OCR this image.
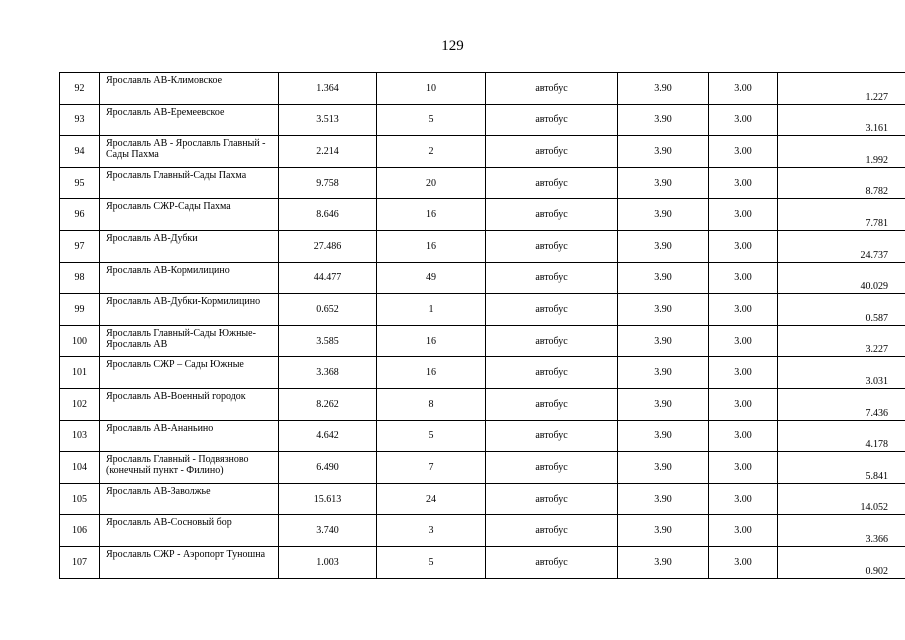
129
92	Ярославль АВ-Климовское	1.364	10	автобус	3.90	3.00	1.227
93	Ярославль АВ-Еремеевское	3.513	5	автобус	3.90	3.00	3.161
94	Ярославль АВ - Ярославль Главный - Сады Пахма	2.214	2	автобус	3.90	3.00	1.992
95	Ярославль Главный-Сады Пахма	9.758	20	автобус	3.90	3.00	8.782
96	Ярославль СЖР-Сады Пахма	8.646	16	автобус	3.90	3.00	7.781
97	Ярославль АВ-Дубки	27.486	16	автобус	3.90	3.00	24.737
98	Ярославль АВ-Кормилицино	44.477	49	автобус	3.90	3.00	40.029
99	Ярославль АВ-Дубки-Кормилицино	0.652	1	автобус	3.90	3.00	0.587
100	Ярославль Главный-Сады Южные-Ярославль АВ	3.585	16	автобус	3.90	3.00	3.227
101	Ярославль СЖР – Сады Южные	3.368	16	автобус	3.90	3.00	3.031
102	Ярославль АВ-Военный городок	8.262	8	автобус	3.90	3.00	7.436
103	Ярославль АВ-Ананьино	4.642	5	автобус	3.90	3.00	4.178
104	Ярославль Главный - Подвязново (конечный пункт - Филино)	6.490	7	автобус	3.90	3.00	5.841
105	Ярославль АВ-Заволжье	15.613	24	автобус	3.90	3.00	14.052
106	Ярославль АВ-Сосновый бор	3.740	3	автобус	3.90	3.00	3.366
107	Ярославль СЖР - Аэропорт Туношна	1.003	5	автобус	3.90	3.00	0.902
